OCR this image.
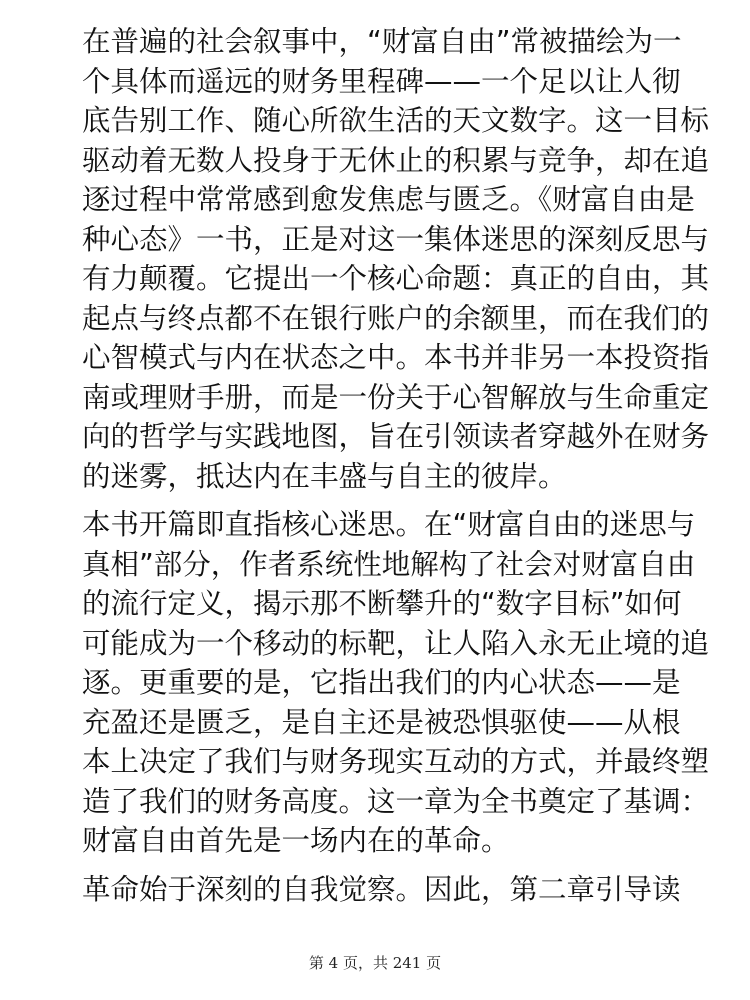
在普遍的社会叙事中，“财富自由”常被描绘为一
个具体而遥远的财务里程碑——一个足以让人彻
底告别工作、随心所欲生活的天文数字。这一目标
驱动着无数人投身于无休止的积累与竞争，却在追
逐过程中常常感到愈发焦虑与匮乏。《财富自由是
种心态》一书，正是对这一集体迷思的深刻反思与
有力颠覆。它提出一个核心命题：真正的自由，其
起点与终点都不在银行账户的余额里，而在我们的
心智模式与内在状态之中。本书并非另一本投资指
南或理财手册，而是一份关于心智解放与生命重定
向的哲学与实践地图，旨在引领读者穿越外在财务
的迷雾，抵达内在丰盛与自主的彼岸。

本书开篇即直指核心迷思。在“财富自由的迷思与
真相”部分，作者系统性地解构了社会对财富自由
的流行定义，揭示那不断攀升的“数字目标”如何
可能成为一个移动的标靶，让人陷入永无止境的追
逐。更重要的是，它指出我们的内心状态——是
充盈还是匮乏，是自主还是被恐惧驱使——从根
本上决定了我们与财务现实互动的方式，并最终塑
造了我们的财务高度。这一章为全书奠定了基调：
财富自由首先是一场内在的革命。

革命始于深刻的自我觉察。因此，第二章引导读

第 4 页，共 241 页
